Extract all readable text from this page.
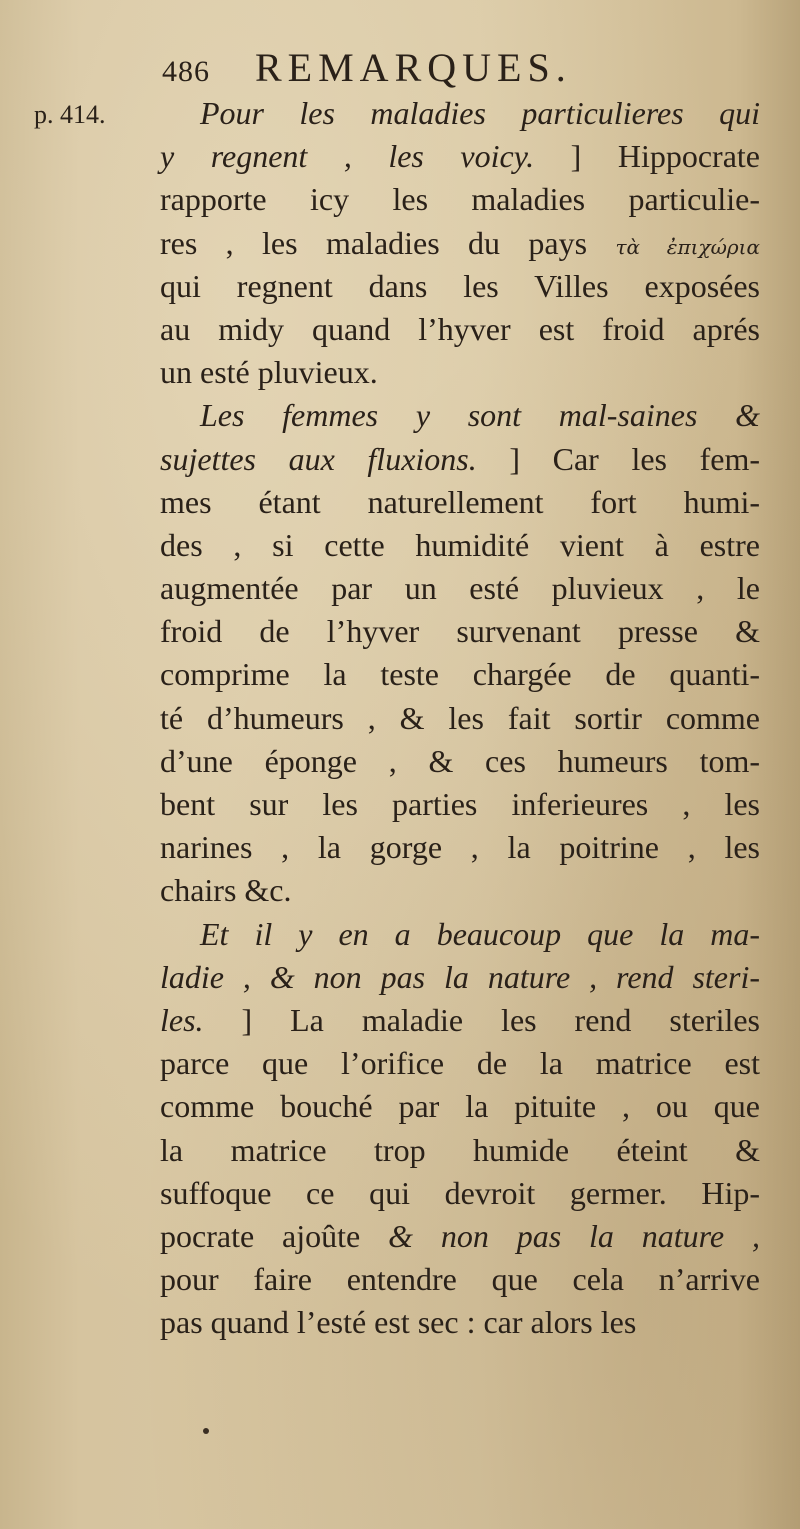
486 REMARQUES.
p. 414.	Pour les maladies particulieres qui
y regnent , les voicy. ] Hippocrate
rapporte icy les maladies particulie-
res , les maladies du pays τὰ ἐπιχώρια
qui regnent dans les Villes exposées
au midy quand l’hyver est froid aprés
un esté pluvieux.
Les femmes y sont mal-saines &
sujettes aux fluxions. ] Car les fem-
mes étant naturellement fort humi-
des , si cette humidité vient à estre
augmentée par un esté pluvieux , le
froid de l’hyver survenant presse &
comprime la teste chargée de quanti-
té d’humeurs , & les fait sortir comme
d’une éponge , & ces humeurs tom-
bent sur les parties inferieures , les
narines , la gorge , la poitrine , les
chairs &c.
Et il y en a beaucoup que la ma-
ladie , & non pas la nature , rend steri-
les. ] La maladie les rend steriles
parce que l’orifice de la matrice est
comme bouché par la pituite , ou que
la matrice trop humide éteint &
suffoque ce qui devroit germer. Hip-
pocrate ajoûte & non pas la nature ,
pour faire entendre que cela n’arrive
pas quand l’esté est sec : car alors les
